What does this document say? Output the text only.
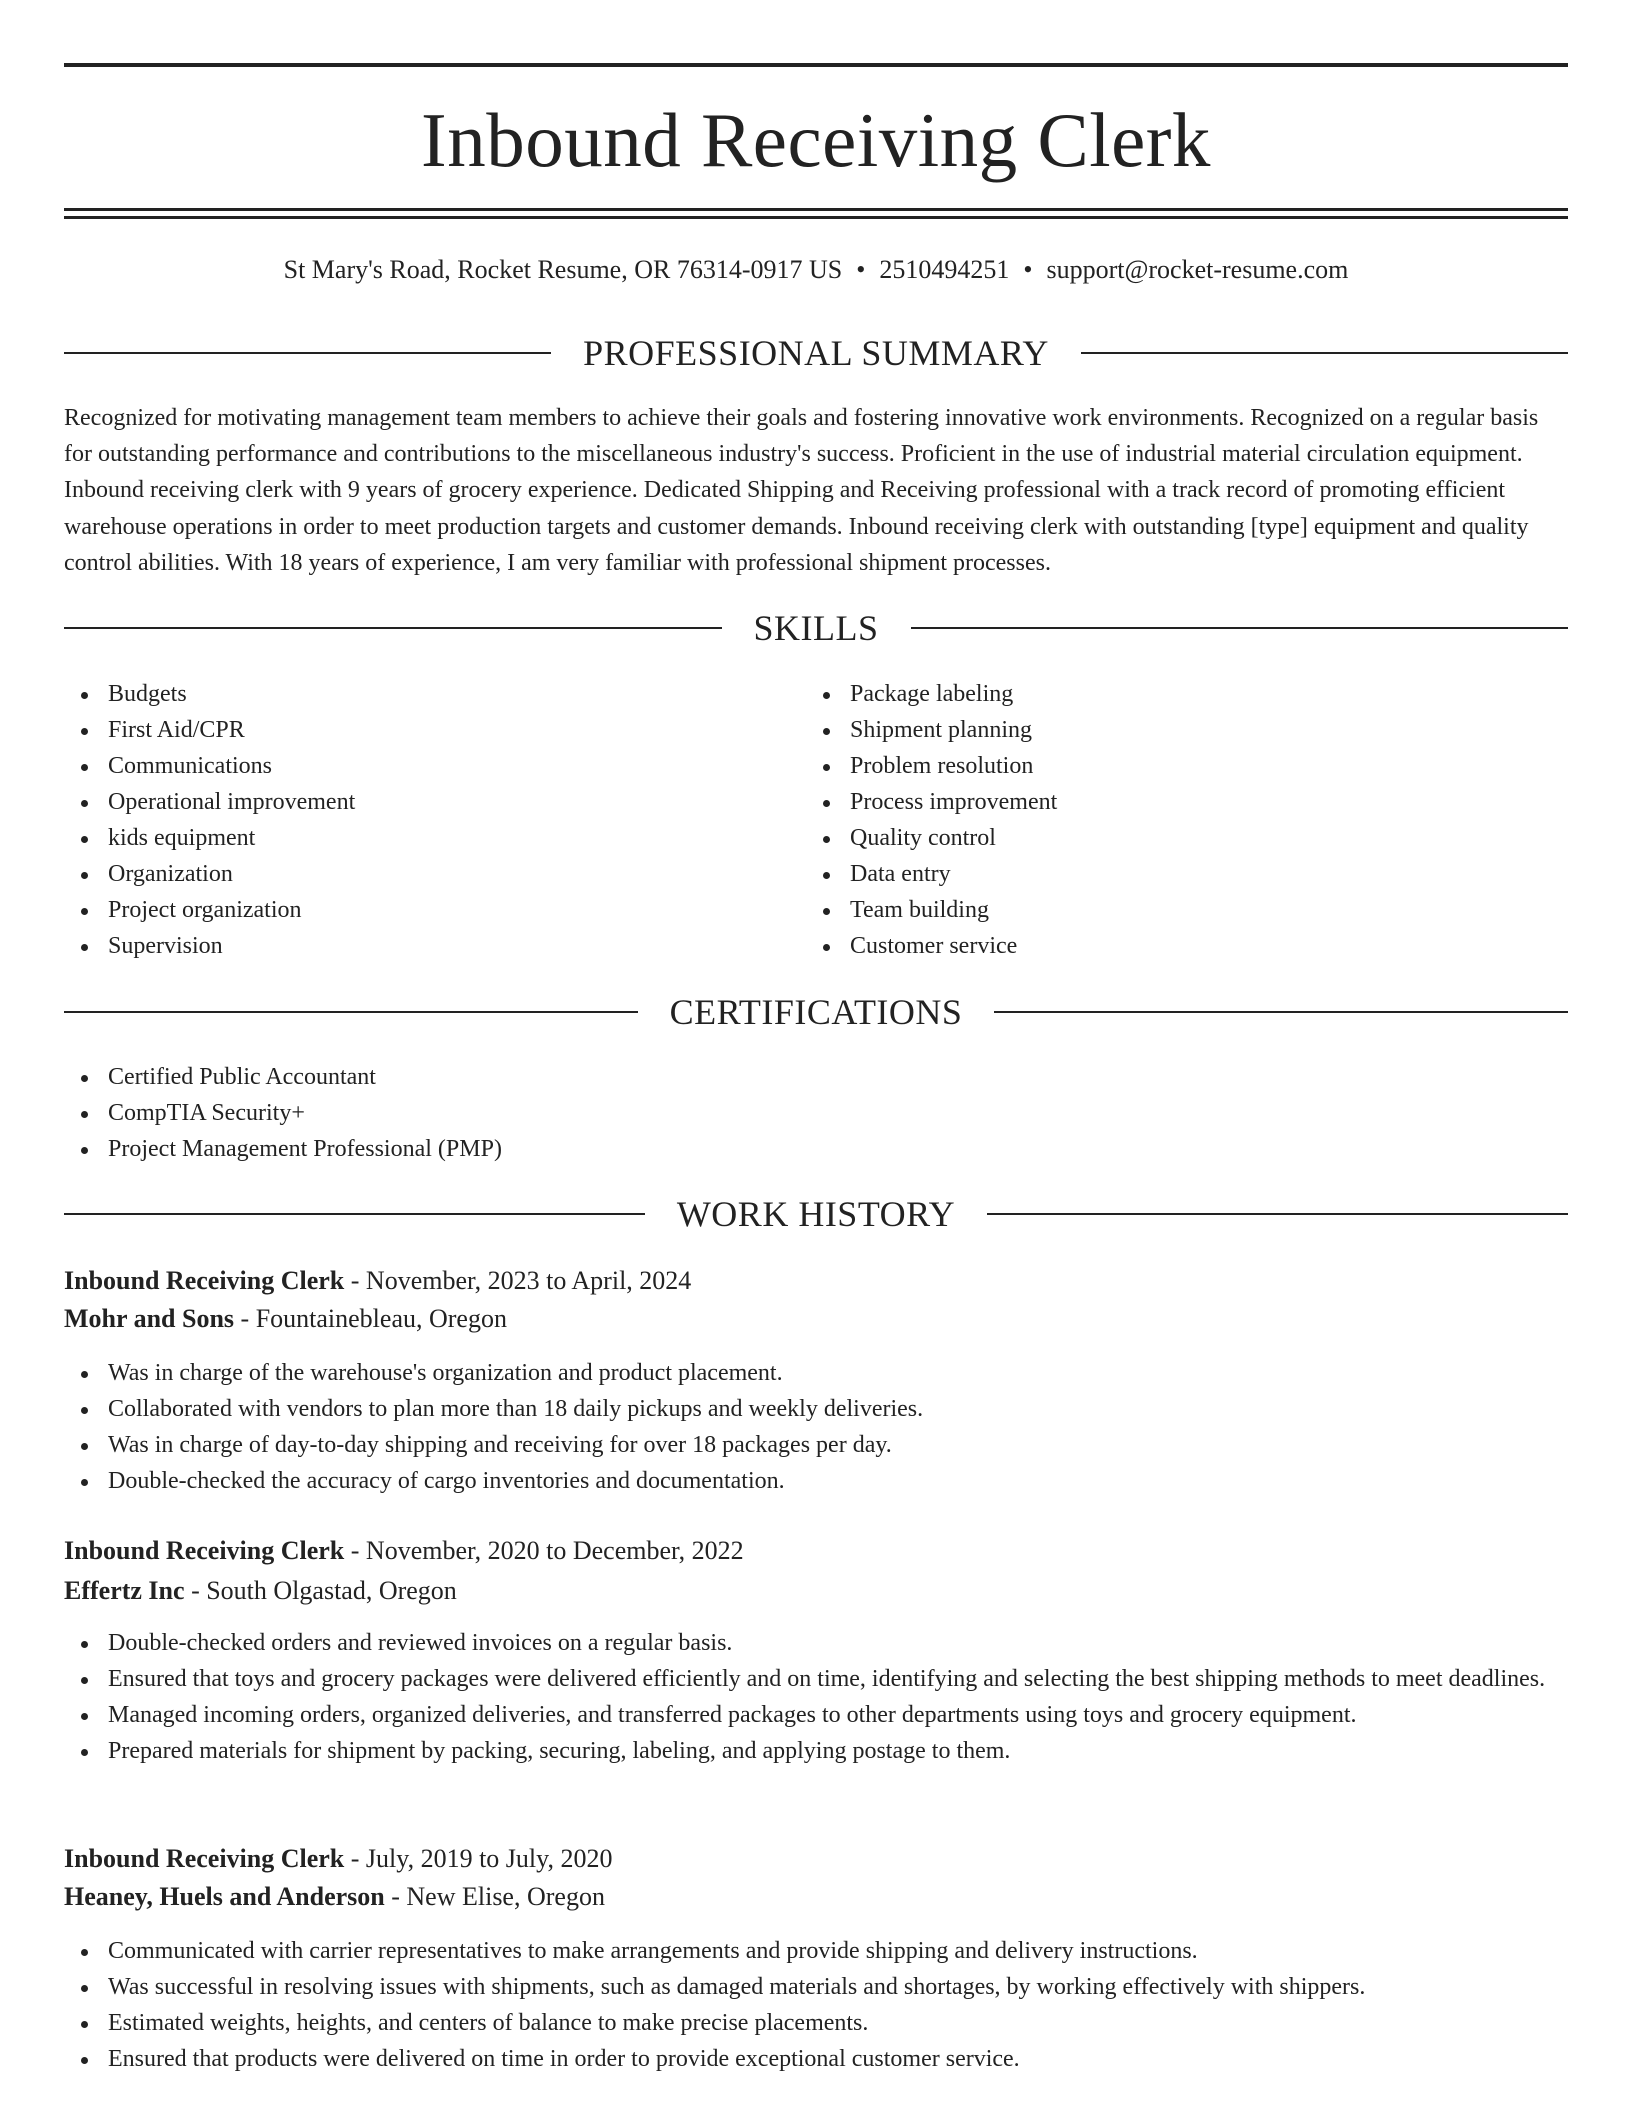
Inbound Receiving Clerk
St Mary's Road, Rocket Resume, OR 76314-0917 US • 2510494251 • support@rocket-resume.com
PROFESSIONAL SUMMARY

Recognized for motivating management team members to achieve their goals and fostering innovative work environments. Recognized on a regular basis for outstanding performance and contributions to the miscellaneous industry's success. Proficient in the use of industrial material circulation equipment. Inbound receiving clerk with 9 years of grocery experience. Dedicated Shipping and Receiving professional with a track record of promoting efficient warehouse operations in order to meet production targets and customer demands. Inbound receiving clerk with outstanding [type] equipment and quality control abilities. With 18 years of experience, I am very familiar with professional shipment processes.

SKILLS
Budgets
First Aid/CPR
Communications
Operational improvement
kids equipment
Organization
Project organization
Supervision
Package labeling
Shipment planning
Problem resolution
Process improvement
Quality control
Data entry
Team building
Customer service
CERTIFICATIONS
Certified Public Accountant
CompTIA Security+
Project Management Professional (PMP)
WORK HISTORY

Inbound Receiving Clerk - November, 2023 to April, 2024

Mohr and Sons - Fountainebleau, Oregon

Was in charge of the warehouse's organization and product placement.
Collaborated with vendors to plan more than 18 daily pickups and weekly deliveries.
Was in charge of day-to-day shipping and receiving for over 18 packages per day.
Double-checked the accuracy of cargo inventories and documentation.

Inbound Receiving Clerk - November, 2020 to December, 2022

Effertz Inc - South Olgastad, Oregon

Double-checked orders and reviewed invoices on a regular basis.
Ensured that toys and grocery packages were delivered efficiently and on time, identifying and selecting the best shipping methods to meet deadlines.
Managed incoming orders, organized deliveries, and transferred packages to other departments using toys and grocery equipment.
Prepared materials for shipment by packing, securing, labeling, and applying postage to them.

Inbound Receiving Clerk - July, 2019 to July, 2020

Heaney, Huels and Anderson - New Elise, Oregon

Communicated with carrier representatives to make arrangements and provide shipping and delivery instructions.
Was successful in resolving issues with shipments, such as damaged materials and shortages, by working effectively with shippers.
Estimated weights, heights, and centers of balance to make precise placements.
Ensured that products were delivered on time in order to provide exceptional customer service.
